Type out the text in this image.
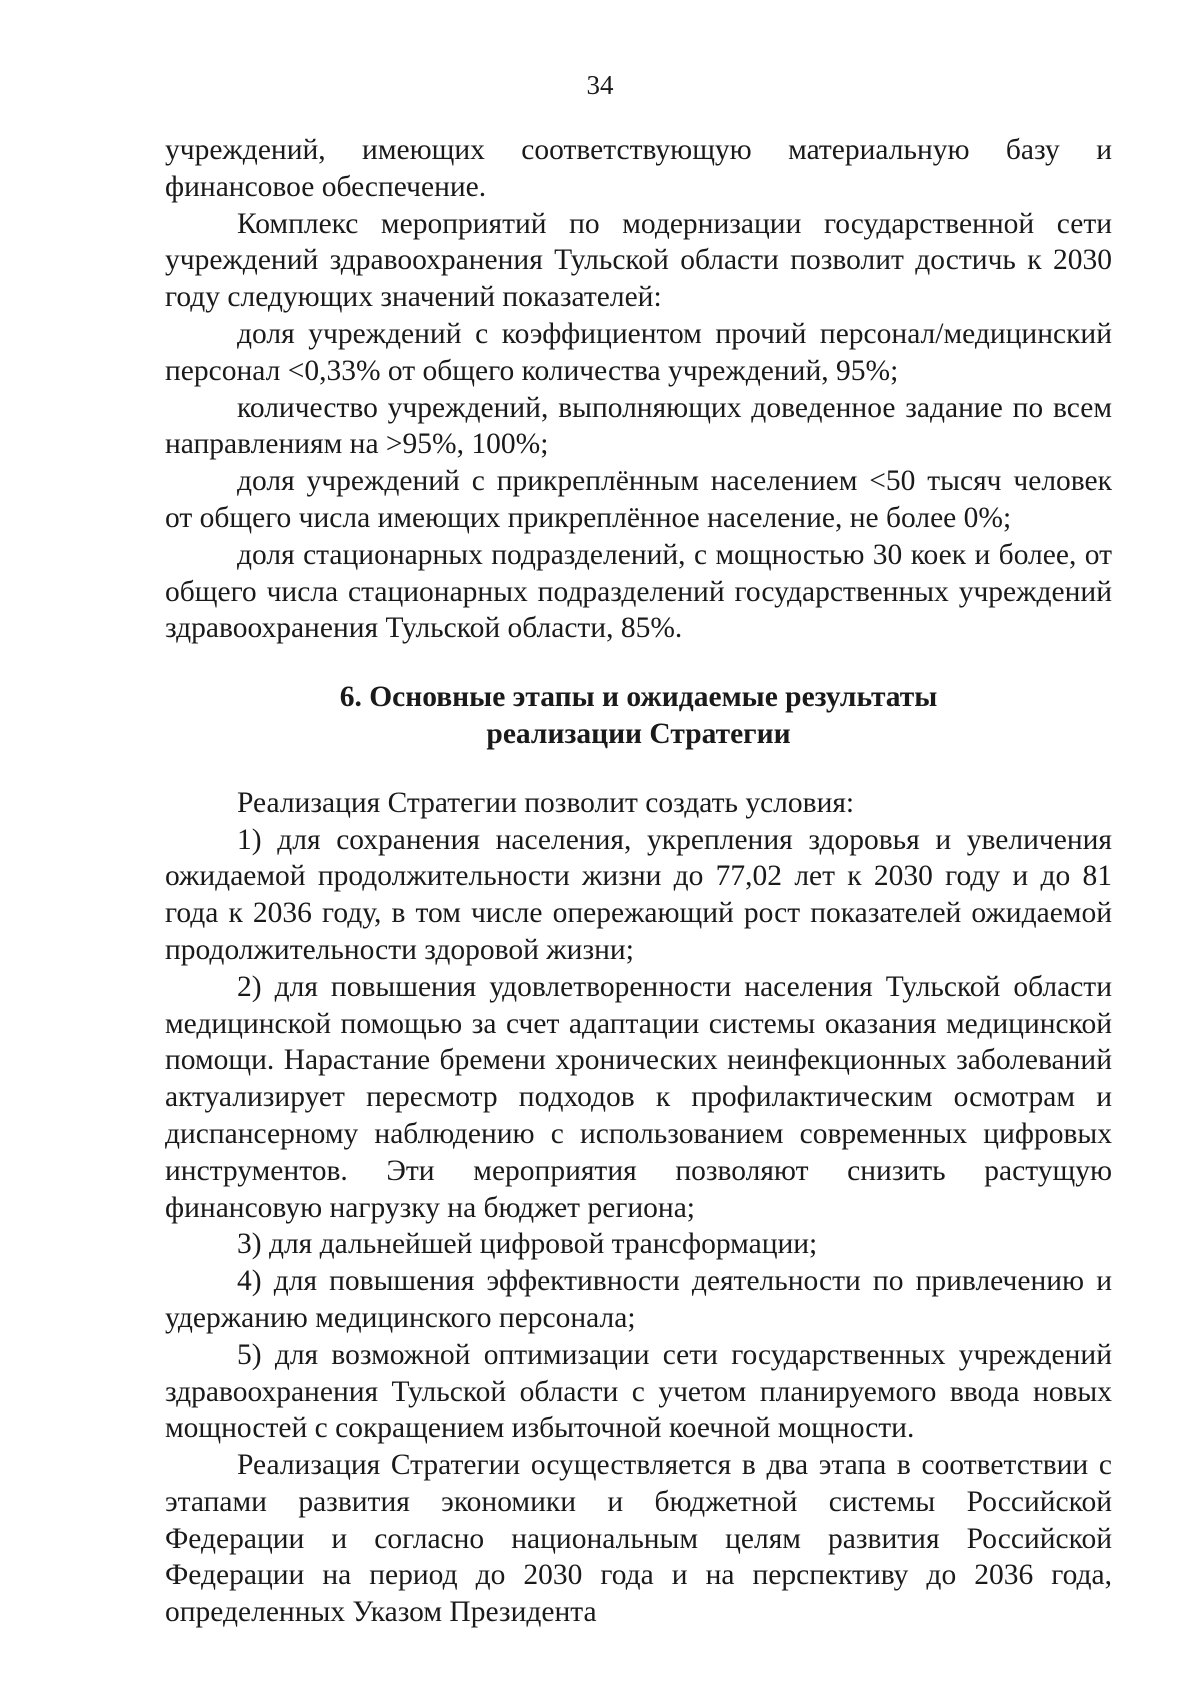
34

учреждений, имеющих соответствующую материальную базу и финансовое обеспечение.

Комплекс мероприятий по модернизации государственной сети учреждений здравоохранения Тульской области позволит достичь к 2030 году следующих значений показателей:

доля учреждений с коэффициентом прочий персонал/медицинский персонал <0,33% от общего количества учреждений, 95%;

количество учреждений, выполняющих доведенное задание по всем направлениям на >95%, 100%;

доля учреждений с прикреплённым населением <50 тысяч человек от общего числа имеющих прикреплённое население, не более 0%;

доля стационарных подразделений, с мощностью 30 коек и более, от общего числа стационарных подразделений государственных учреждений здравоохранения Тульской области, 85%.

6. Основные этапы и ожидаемые результаты
реализации Стратегии

Реализация Стратегии позволит создать условия:

1) для сохранения населения, укрепления здоровья и увеличения ожидаемой продолжительности жизни до 77,02 лет к 2030 году и до 81 года к 2036 году, в том числе опережающий рост показателей ожидаемой продолжительности здоровой жизни;

2) для повышения удовлетворенности населения Тульской области медицинской помощью за счет адаптации системы оказания медицинской помощи. Нарастание бремени хронических неинфекционных заболеваний актуализирует пересмотр подходов к профилактическим осмотрам и диспансерному наблюдению с использованием современных цифровых инструментов. Эти мероприятия позволяют снизить растущую финансовую нагрузку на бюджет региона;

3) для дальнейшей цифровой трансформации;

4) для повышения эффективности деятельности по привлечению и удержанию медицинского персонала;

5) для возможной оптимизации сети государственных учреждений здравоохранения Тульской области с учетом планируемого ввода новых мощностей с сокращением избыточной коечной мощности.

Реализация Стратегии осуществляется в два этапа в соответствии с этапами развития экономики и бюджетной системы Российской Федерации и согласно национальным целям развития Российской Федерации на период до 2030 года и на перспективу до 2036 года, определенных Указом Президента
